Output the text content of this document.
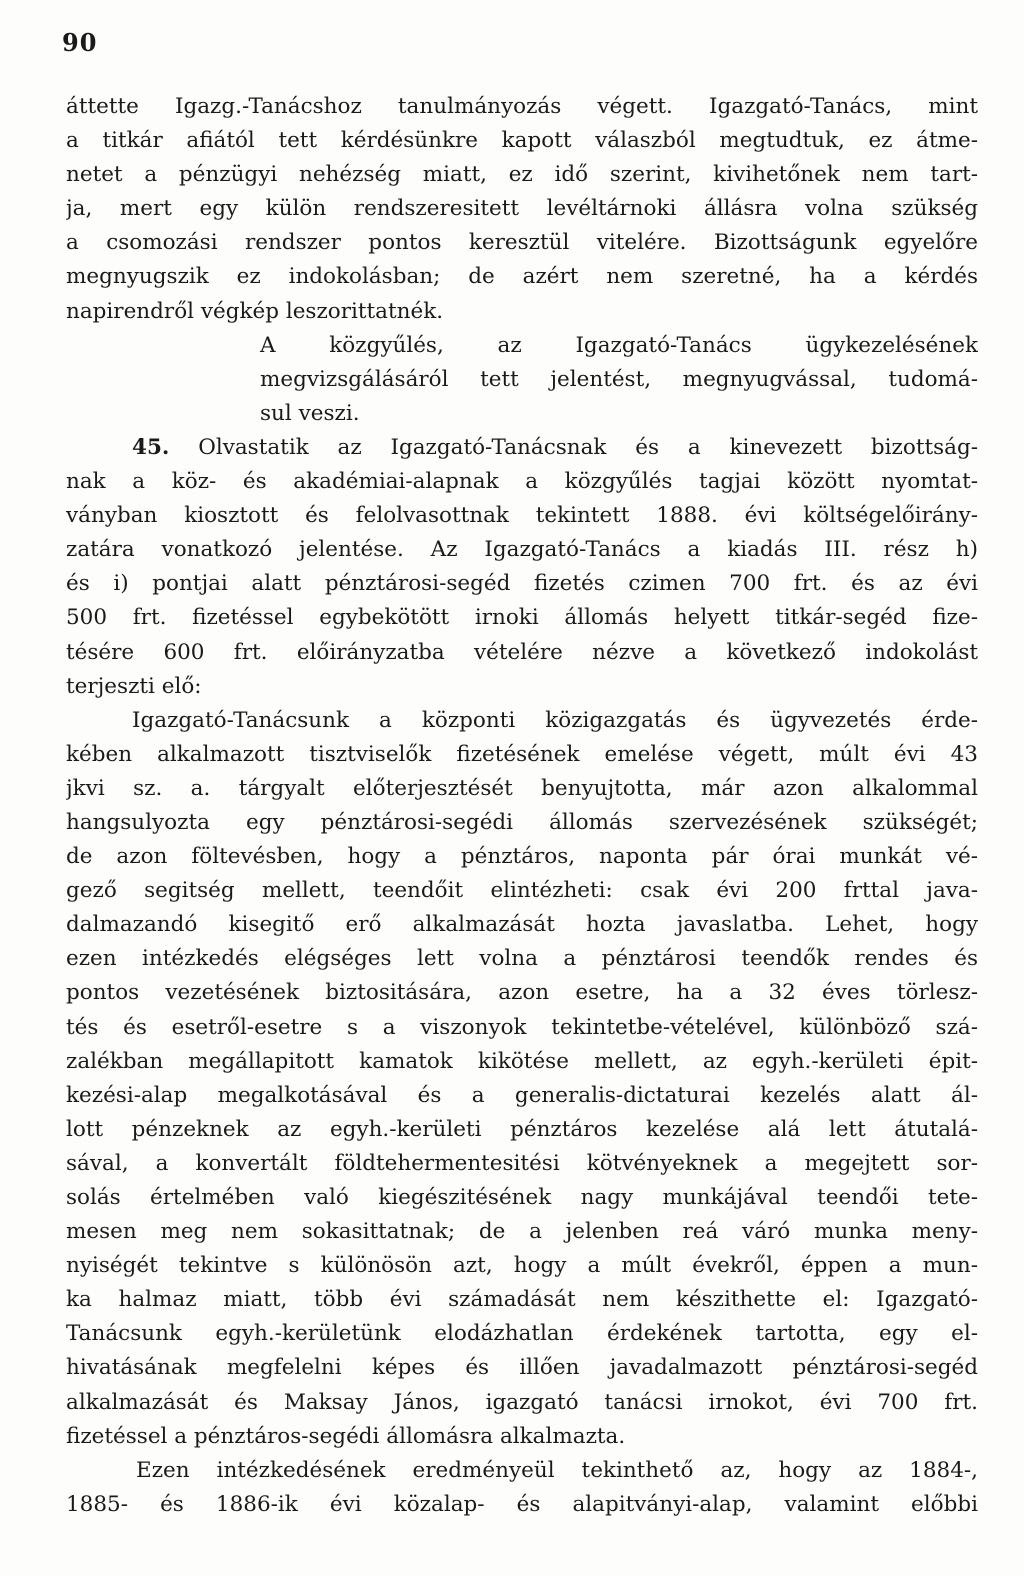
90
áttette Igazg.-Tanácshoz tanulmányozás végett. Igazgató-Tanács, mint
a titkár afiától tett kérdésünkre kapott válaszból megtudtuk, ez átme-
netet a pénzügyi nehézség miatt, ez idő szerint, kivihetőnek nem tart-
ja, mert egy külön rendszeresitett levéltárnoki állásra volna szükség
a csomozási rendszer pontos keresztül vitelére. Bizottságunk egyelőre
megnyugszik ez indokolásban; de azért nem szeretné, ha a kérdés
napirendről végkép leszorittatnék.
A közgyűlés, az Igazgató-Tanács ügykezelésének
megvizsgálásáról tett jelentést, megnyugvással, tudomá-
sul veszi.
45. Olvastatik az Igazgató-Tanácsnak és a kinevezett bizottság-
nak a köz- és akadémiai-alapnak a közgyűlés tagjai között nyomtat-
ványban kiosztott és felolvasottnak tekintett 1888. évi költségelőirány-
zatára vonatkozó jelentése. Az Igazgató-Tanács a kiadás III. rész h)
és i) pontjai alatt pénztárosi-segéd fizetés czimen 700 frt. és az évi
500 frt. fizetéssel egybekötött irnoki állomás helyett titkár-segéd fize-
tésére 600 frt. előirányzatba vételére nézve a következő indokolást
terjeszti elő:
Igazgató-Tanácsunk a központi közigazgatás és ügyvezetés érde-
kében alkalmazott tisztviselők fizetésének emelése végett, múlt évi 43
jkvi sz. a. tárgyalt előterjesztését benyujtotta, már azon alkalommal
hangsulyozta egy pénztárosi-segédi állomás szervezésének szükségét;
de azon föltevésben, hogy a pénztáros, naponta pár órai munkát vé-
gező segitség mellett, teendőit elintézheti: csak évi 200 frttal java-
dalmazandó kisegitő erő alkalmazását hozta javaslatba. Lehet, hogy
ezen intézkedés elégséges lett volna a pénztárosi teendők rendes és
pontos vezetésének biztositására, azon esetre, ha a 32 éves törlesz-
tés és esetről-esetre s a viszonyok tekintetbe-vételével, különböző szá-
zalékban megállapitott kamatok kikötése mellett, az egyh.-kerületi épit-
kezési-alap megalkotásával és a generalis-dictaturai kezelés alatt ál-
lott pénzeknek az egyh.-kerületi pénztáros kezelése alá lett átutalá-
sával, a konvertált földtehermentesitési kötvényeknek a megejtett sor-
solás értelmében való kiegészitésének nagy munkájával teendői tete-
mesen meg nem sokasittatnak; de a jelenben reá váró munka meny-
nyiségét tekintve s különösön azt, hogy a múlt évekről, éppen a mun-
ka halmaz miatt, több évi számadását nem készithette el: Igazgató-
Tanácsunk egyh.-kerületünk elodázhatlan érdekének tartotta, egy el-
hivatásának megfelelni képes és illően javadalmazott pénztárosi-segéd
alkalmazását és Maksay János, igazgató tanácsi irnokot, évi 700 frt.
fizetéssel a pénztáros-segédi állomásra alkalmazta.
Ezen intézkedésének eredményeül tekinthető az, hogy az 1884-,
1885- és 1886-ik évi közalap- és alapitványi-alap, valamint előbbi
